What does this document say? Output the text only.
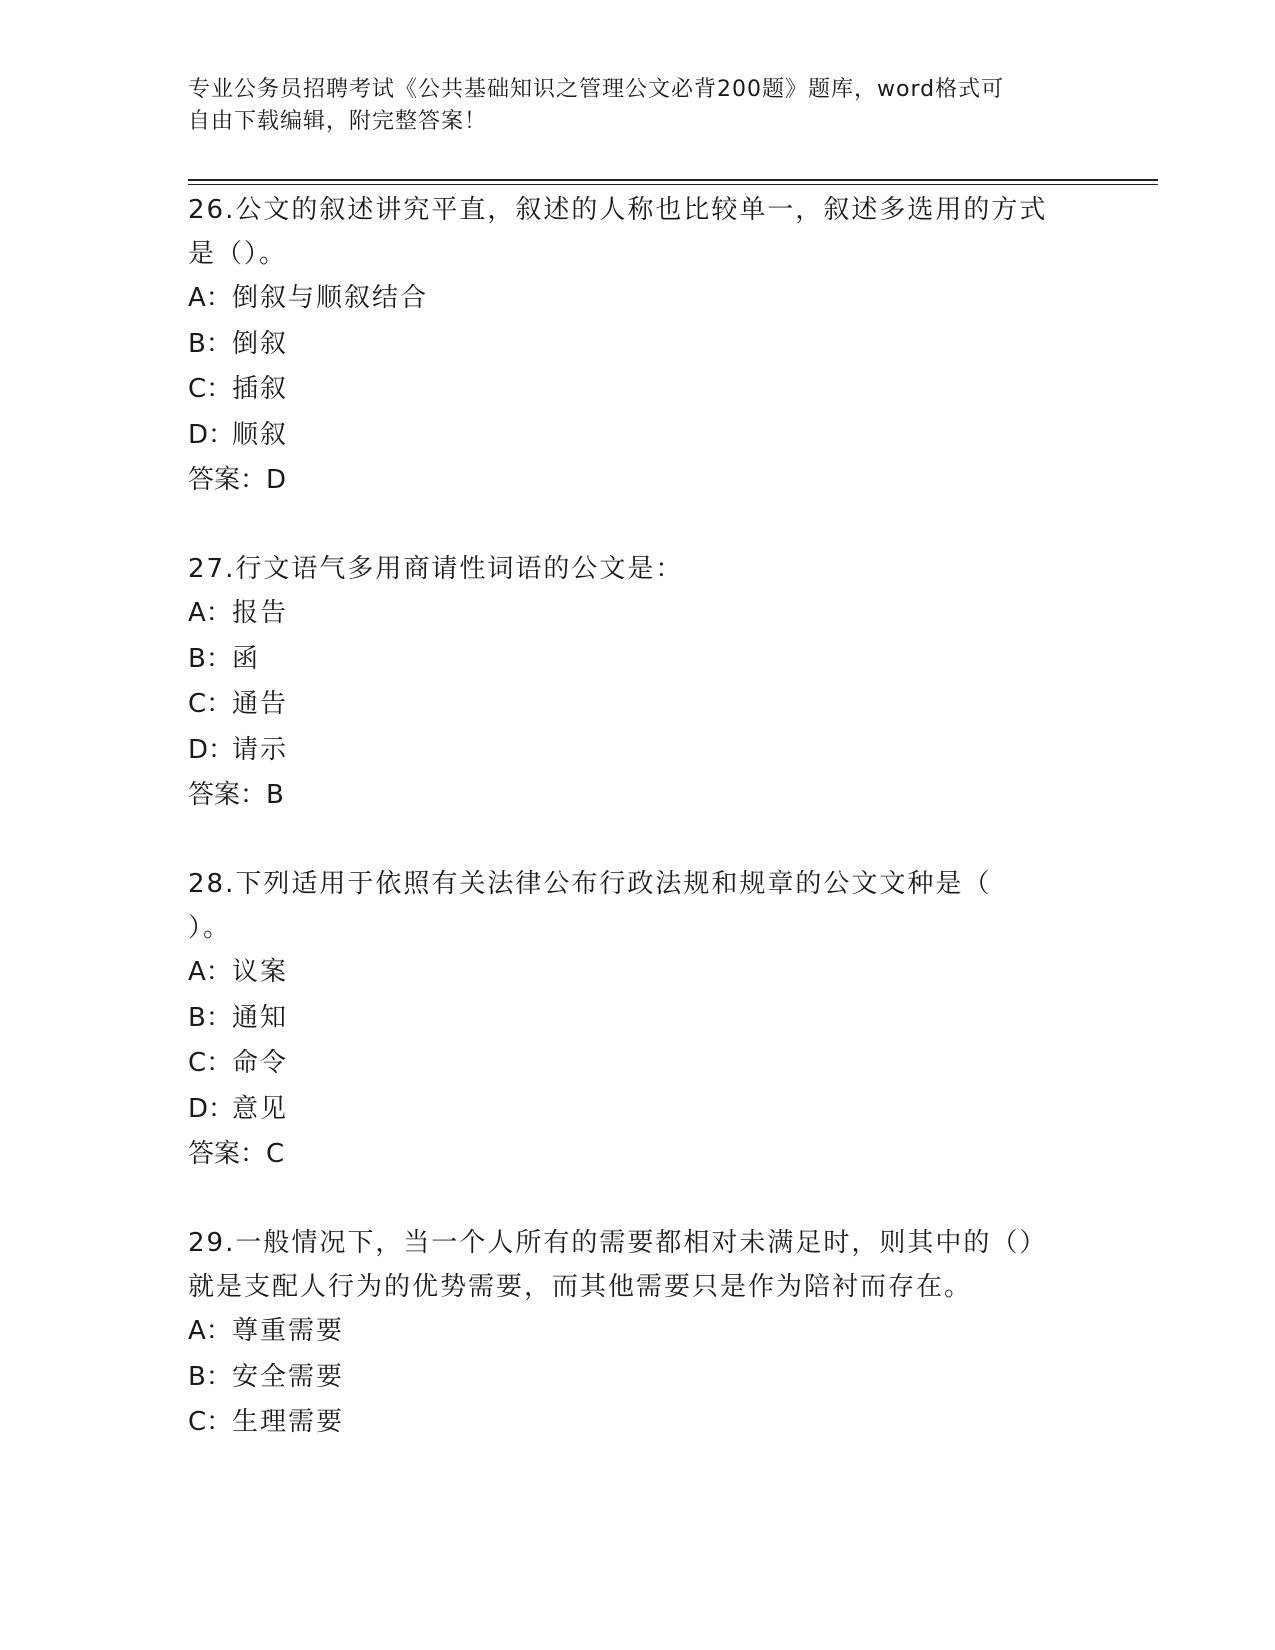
专业公务员招聘考试《公共基础知识之管理公文必背200题》题库，word格式可
自由下载编辑，附完整答案！

26.公文的叙述讲究平直，叙述的人称也比较单一，叙述多选用的方式
是（）。

A：倒叙与顺叙结合

B：倒叙

C：插叙

D：顺叙

答案：D

27.行文语气多用商请性词语的公文是：

A：报告

B：函

C：通告

D：请示

答案：B

28.下列适用于依照有关法律公布行政法规和规章的公文文种是（
）。

A：议案

B：通知

C：命令

D：意见

答案：C

29.一般情况下，当一个人所有的需要都相对未满足时，则其中的（）
就是支配人行为的优势需要，而其他需要只是作为陪衬而存在。

A：尊重需要

B：安全需要

C：生理需要
